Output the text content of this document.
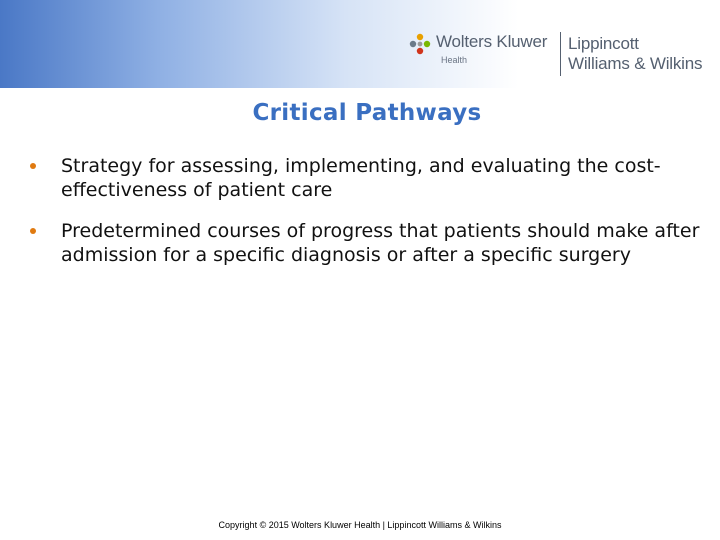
Wolters Kluwer
Health
Lippincott
Williams & Wilkins
Critical Pathways
Strategy for assessing, implementing, and evaluating the cost-effectiveness of patient care
Predetermined courses of progress that patients should make after admission for a specific diagnosis or after a specific surgery
Copyright © 2015 Wolters Kluwer Health | Lippincott Williams & Wilkins
